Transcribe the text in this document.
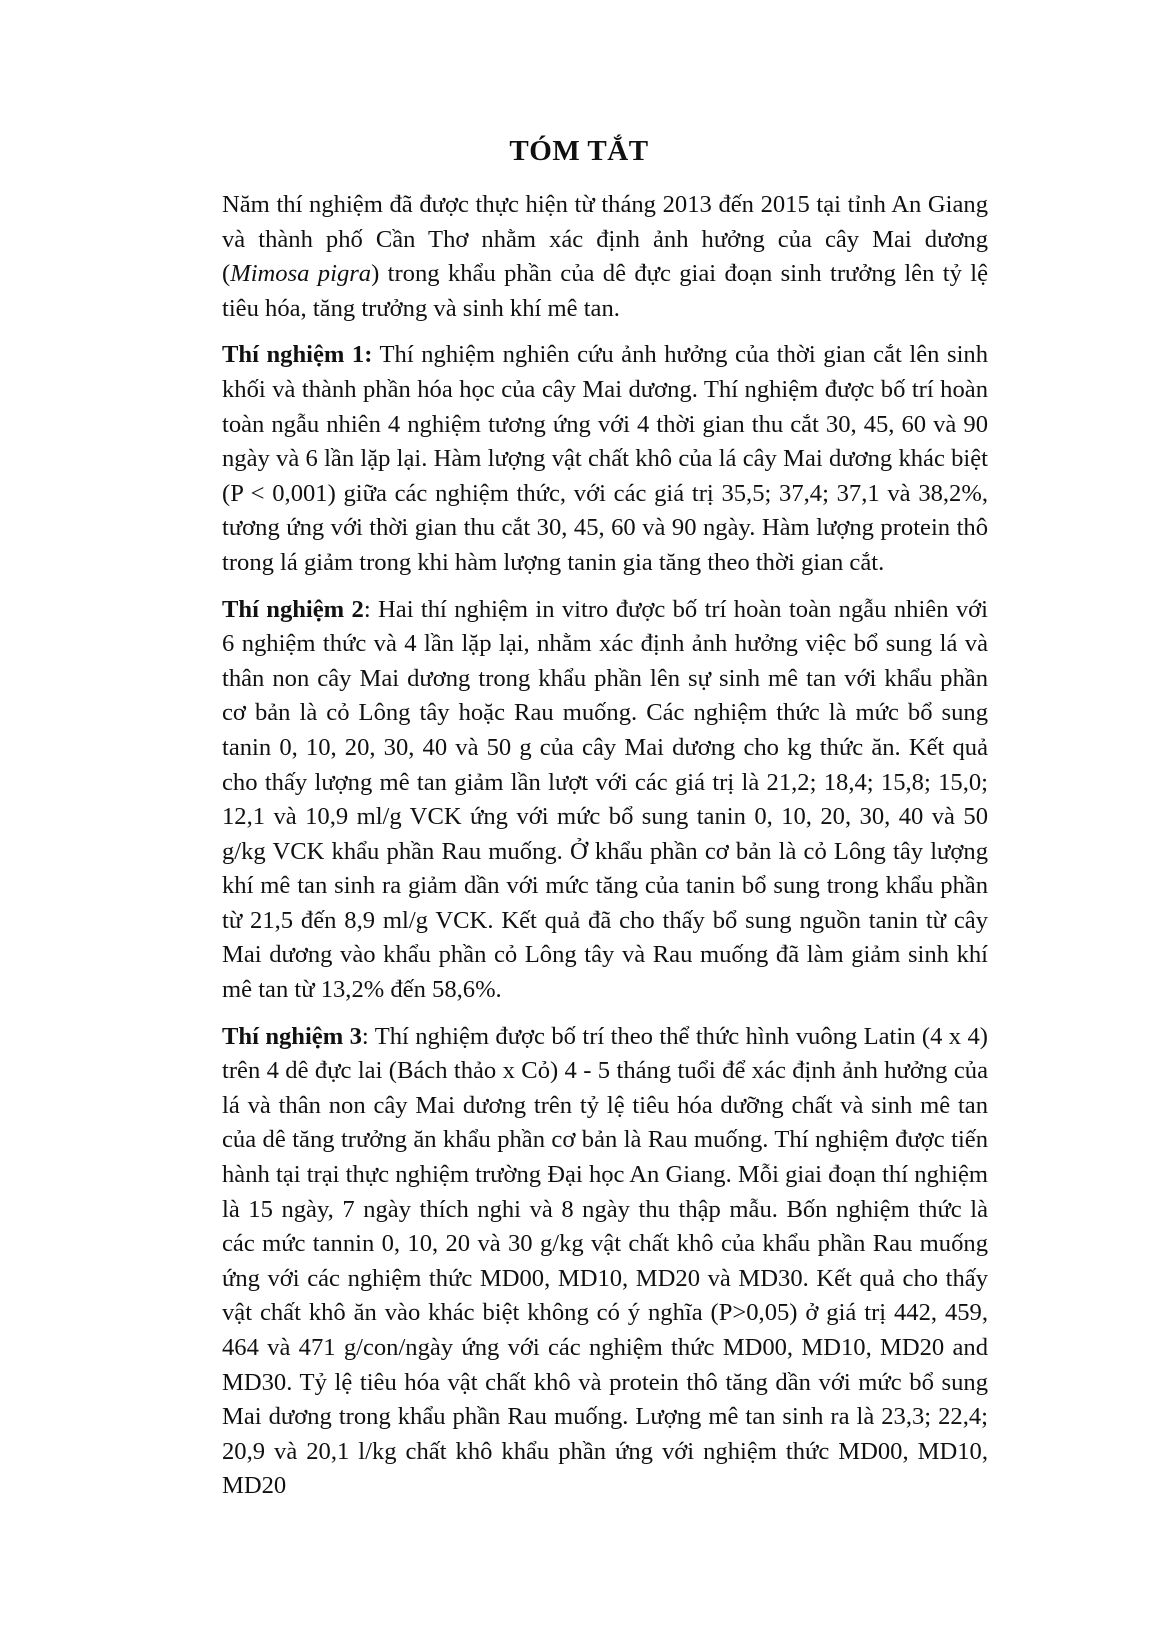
TÓM TẮT

Năm thí nghiệm đã được thực hiện từ tháng 2013 đến 2015 tại tỉnh An Giang và thành phố Cần Thơ nhằm xác định ảnh hưởng của cây Mai dương (Mimosa pigra) trong khẩu phần của dê đực giai đoạn sinh trưởng lên tỷ lệ tiêu hóa, tăng trưởng và sinh khí mê tan.

Thí nghiệm 1: Thí nghiệm nghiên cứu ảnh hưởng của thời gian cắt lên sinh khối và thành phần hóa học của cây Mai dương. Thí nghiệm được bố trí hoàn toàn ngẫu nhiên 4 nghiệm tương ứng với 4 thời gian thu cắt 30, 45, 60 và 90 ngày và 6 lần lặp lại. Hàm lượng vật chất khô của lá cây Mai dương khác biệt (P < 0,001) giữa các nghiệm thức, với các giá trị 35,5; 37,4; 37,1 và 38,2%, tương ứng với thời gian thu cắt 30, 45, 60 và 90 ngày. Hàm lượng protein thô trong lá giảm trong khi hàm lượng tanin gia tăng theo thời gian cắt.

Thí nghiệm 2: Hai thí nghiệm in vitro được bố trí hoàn toàn ngẫu nhiên với 6 nghiệm thức và 4 lần lặp lại, nhằm xác định ảnh hưởng việc bổ sung lá và thân non cây Mai dương trong khẩu phần lên sự sinh mê tan với khẩu phần cơ bản là cỏ Lông tây hoặc Rau muống. Các nghiệm thức là mức bổ sung tanin 0, 10, 20, 30, 40 và 50 g của cây Mai dương cho kg thức ăn. Kết quả cho thấy lượng mê tan giảm lần lượt với các giá trị là 21,2; 18,4; 15,8; 15,0; 12,1 và 10,9 ml/g VCK ứng với mức bổ sung tanin 0, 10, 20, 30, 40 và 50 g/kg VCK khẩu phần Rau muống. Ở khẩu phần cơ bản là cỏ Lông tây lượng khí mê tan sinh ra giảm dần với mức tăng của tanin bổ sung trong khẩu phần từ 21,5 đến 8,9 ml/g VCK. Kết quả đã cho thấy bổ sung nguồn tanin từ cây Mai dương vào khẩu phần cỏ Lông tây và Rau muống đã làm giảm sinh khí mê tan từ 13,2% đến 58,6%.

Thí nghiệm 3: Thí nghiệm được bố trí theo thể thức hình vuông Latin (4 x 4) trên 4 dê đực lai (Bách thảo x Cỏ) 4 - 5 tháng tuổi để xác định ảnh hưởng của lá và thân non cây Mai dương trên tỷ lệ tiêu hóa dưỡng chất và sinh mê tan của dê tăng trưởng ăn khẩu phần cơ bản là Rau muống. Thí nghiệm được tiến hành tại trại thực nghiệm trường Đại học An Giang. Mỗi giai đoạn thí nghiệm là 15 ngày, 7 ngày thích nghi và 8 ngày thu thập mẫu. Bốn nghiệm thức là các mức tannin 0, 10, 20 và 30 g/kg vật chất khô của khẩu phần Rau muống ứng với các nghiệm thức MD00, MD10, MD20 và MD30. Kết quả cho thấy vật chất khô ăn vào khác biệt không có ý nghĩa (P>0,05) ở giá trị 442, 459, 464 và 471 g/con/ngày ứng với các nghiệm thức MD00, MD10, MD20 and MD30. Tỷ lệ tiêu hóa vật chất khô và protein thô tăng dần với mức bổ sung Mai dương trong khẩu phần Rau muống. Lượng mê tan sinh ra là 23,3; 22,4; 20,9 và 20,1 l/kg chất khô khẩu phần ứng với nghiệm thức MD00, MD10, MD20
